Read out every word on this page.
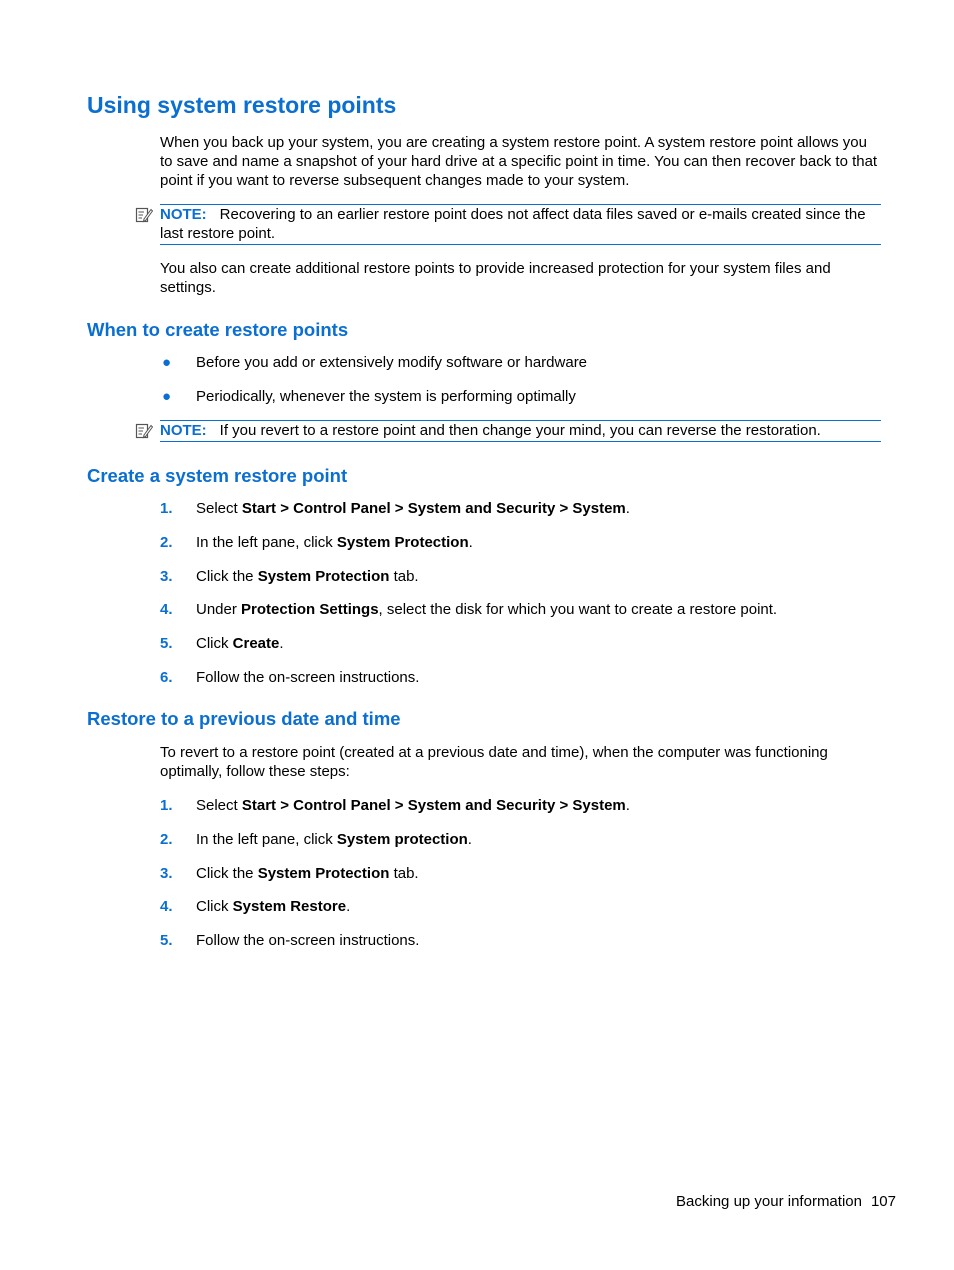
Using system restore points

When you back up your system, you are creating a system restore point. A system restore point allows you to save and name a snapshot of your hard drive at a specific point in time. You can then recover back to that point if you want to reverse subsequent changes made to your system.

NOTE: Recovering to an earlier restore point does not affect data files saved or e-mails created since the last restore point.

You also can create additional restore points to provide increased protection for your system files and settings.

When to create restore points
● Before you add or extensively modify software or hardware
● Periodically, whenever the system is performing optimally
NOTE: If you revert to a restore point and then change your mind, you can reverse the restoration.
Create a system restore point
1. Select Start > Control Panel > System and Security > System.
2. In the left pane, click System Protection.
3. Click the System Protection tab.
4. Under Protection Settings, select the disk for which you want to create a restore point.
5. Click Create.
6. Follow the on-screen instructions.
Restore to a previous date and time

To revert to a restore point (created at a previous date and time), when the computer was functioning optimally, follow these steps:

1. Select Start > Control Panel > System and Security > System.
2. In the left pane, click System protection.
3. Click the System Protection tab.
4. Click System Restore.
5. Follow the on-screen instructions.
Backing up your information 107
